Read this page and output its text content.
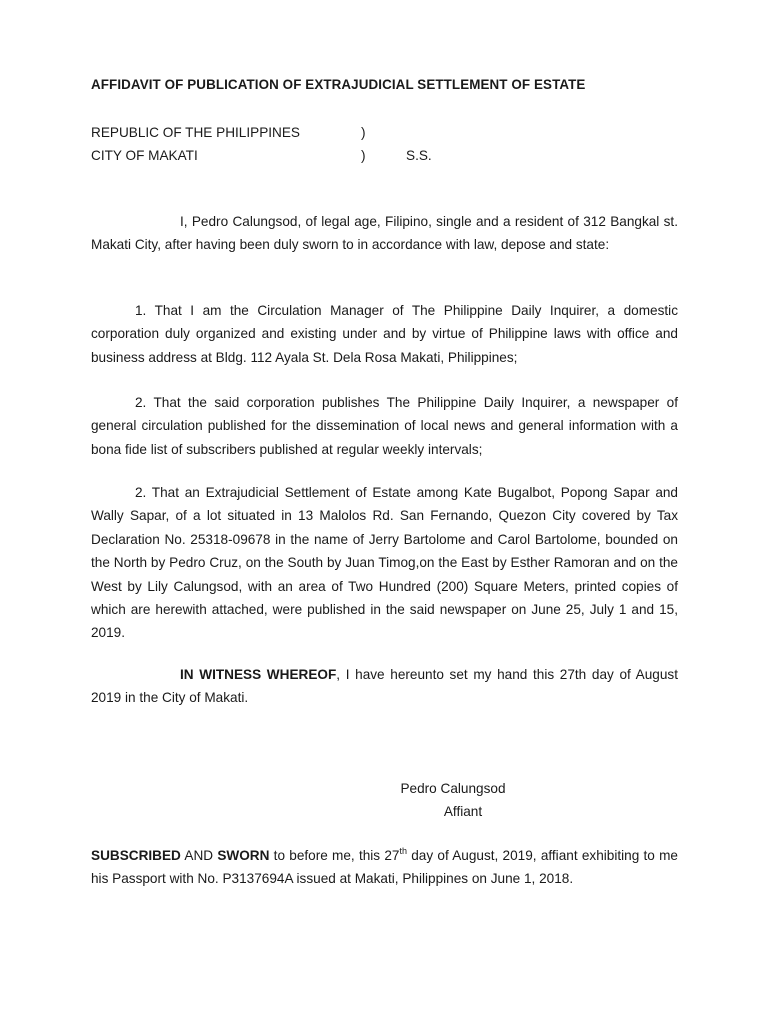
AFFIDAVIT OF PUBLICATION OF EXTRAJUDICIAL SETTLEMENT OF ESTATE
REPUBLIC OF THE PHILIPPINES	)
CITY OF MAKATI	)	S.S.

I, Pedro Calungsod, of legal age, Filipino, single and a resident of 312 Bangkal st. Makati City, after having been duly sworn to in accordance with law, depose and state:

1. That I am the Circulation Manager of The Philippine Daily Inquirer, a domestic corporation duly organized and existing under and by virtue of Philippine laws with office and business address at Bldg. 112 Ayala St. Dela Rosa Makati, Philippines;

2. That the said corporation publishes The Philippine Daily Inquirer, a newspaper of general circulation published for the dissemination of local news and general information with a bona fide list of subscribers published at regular weekly intervals;

2. That an Extrajudicial Settlement of Estate among Kate Bugalbot, Popong Sapar and Wally Sapar, of a lot situated in 13 Malolos Rd. San Fernando, Quezon City covered by Tax Declaration No. 25318-09678 in the name of Jerry Bartolome and Carol Bartolome, bounded on the North by Pedro Cruz, on the South by Juan Timog,on the East by Esther Ramoran and on the West by Lily Calungsod, with an area of Two Hundred (200) Square Meters, printed copies of which are herewith attached, were published in the said newspaper on June 25, July 1 and 15, 2019.

IN WITNESS WHEREOF, I have hereunto set my hand this 27th day of August 2019 in the City of Makati.

Pedro Calungsod
Affiant

SUBSCRIBED AND SWORN to before me, this 27th day of August, 2019, affiant exhibiting to me his Passport with No. P3137694A issued at Makati, Philippines on June 1, 2018.
